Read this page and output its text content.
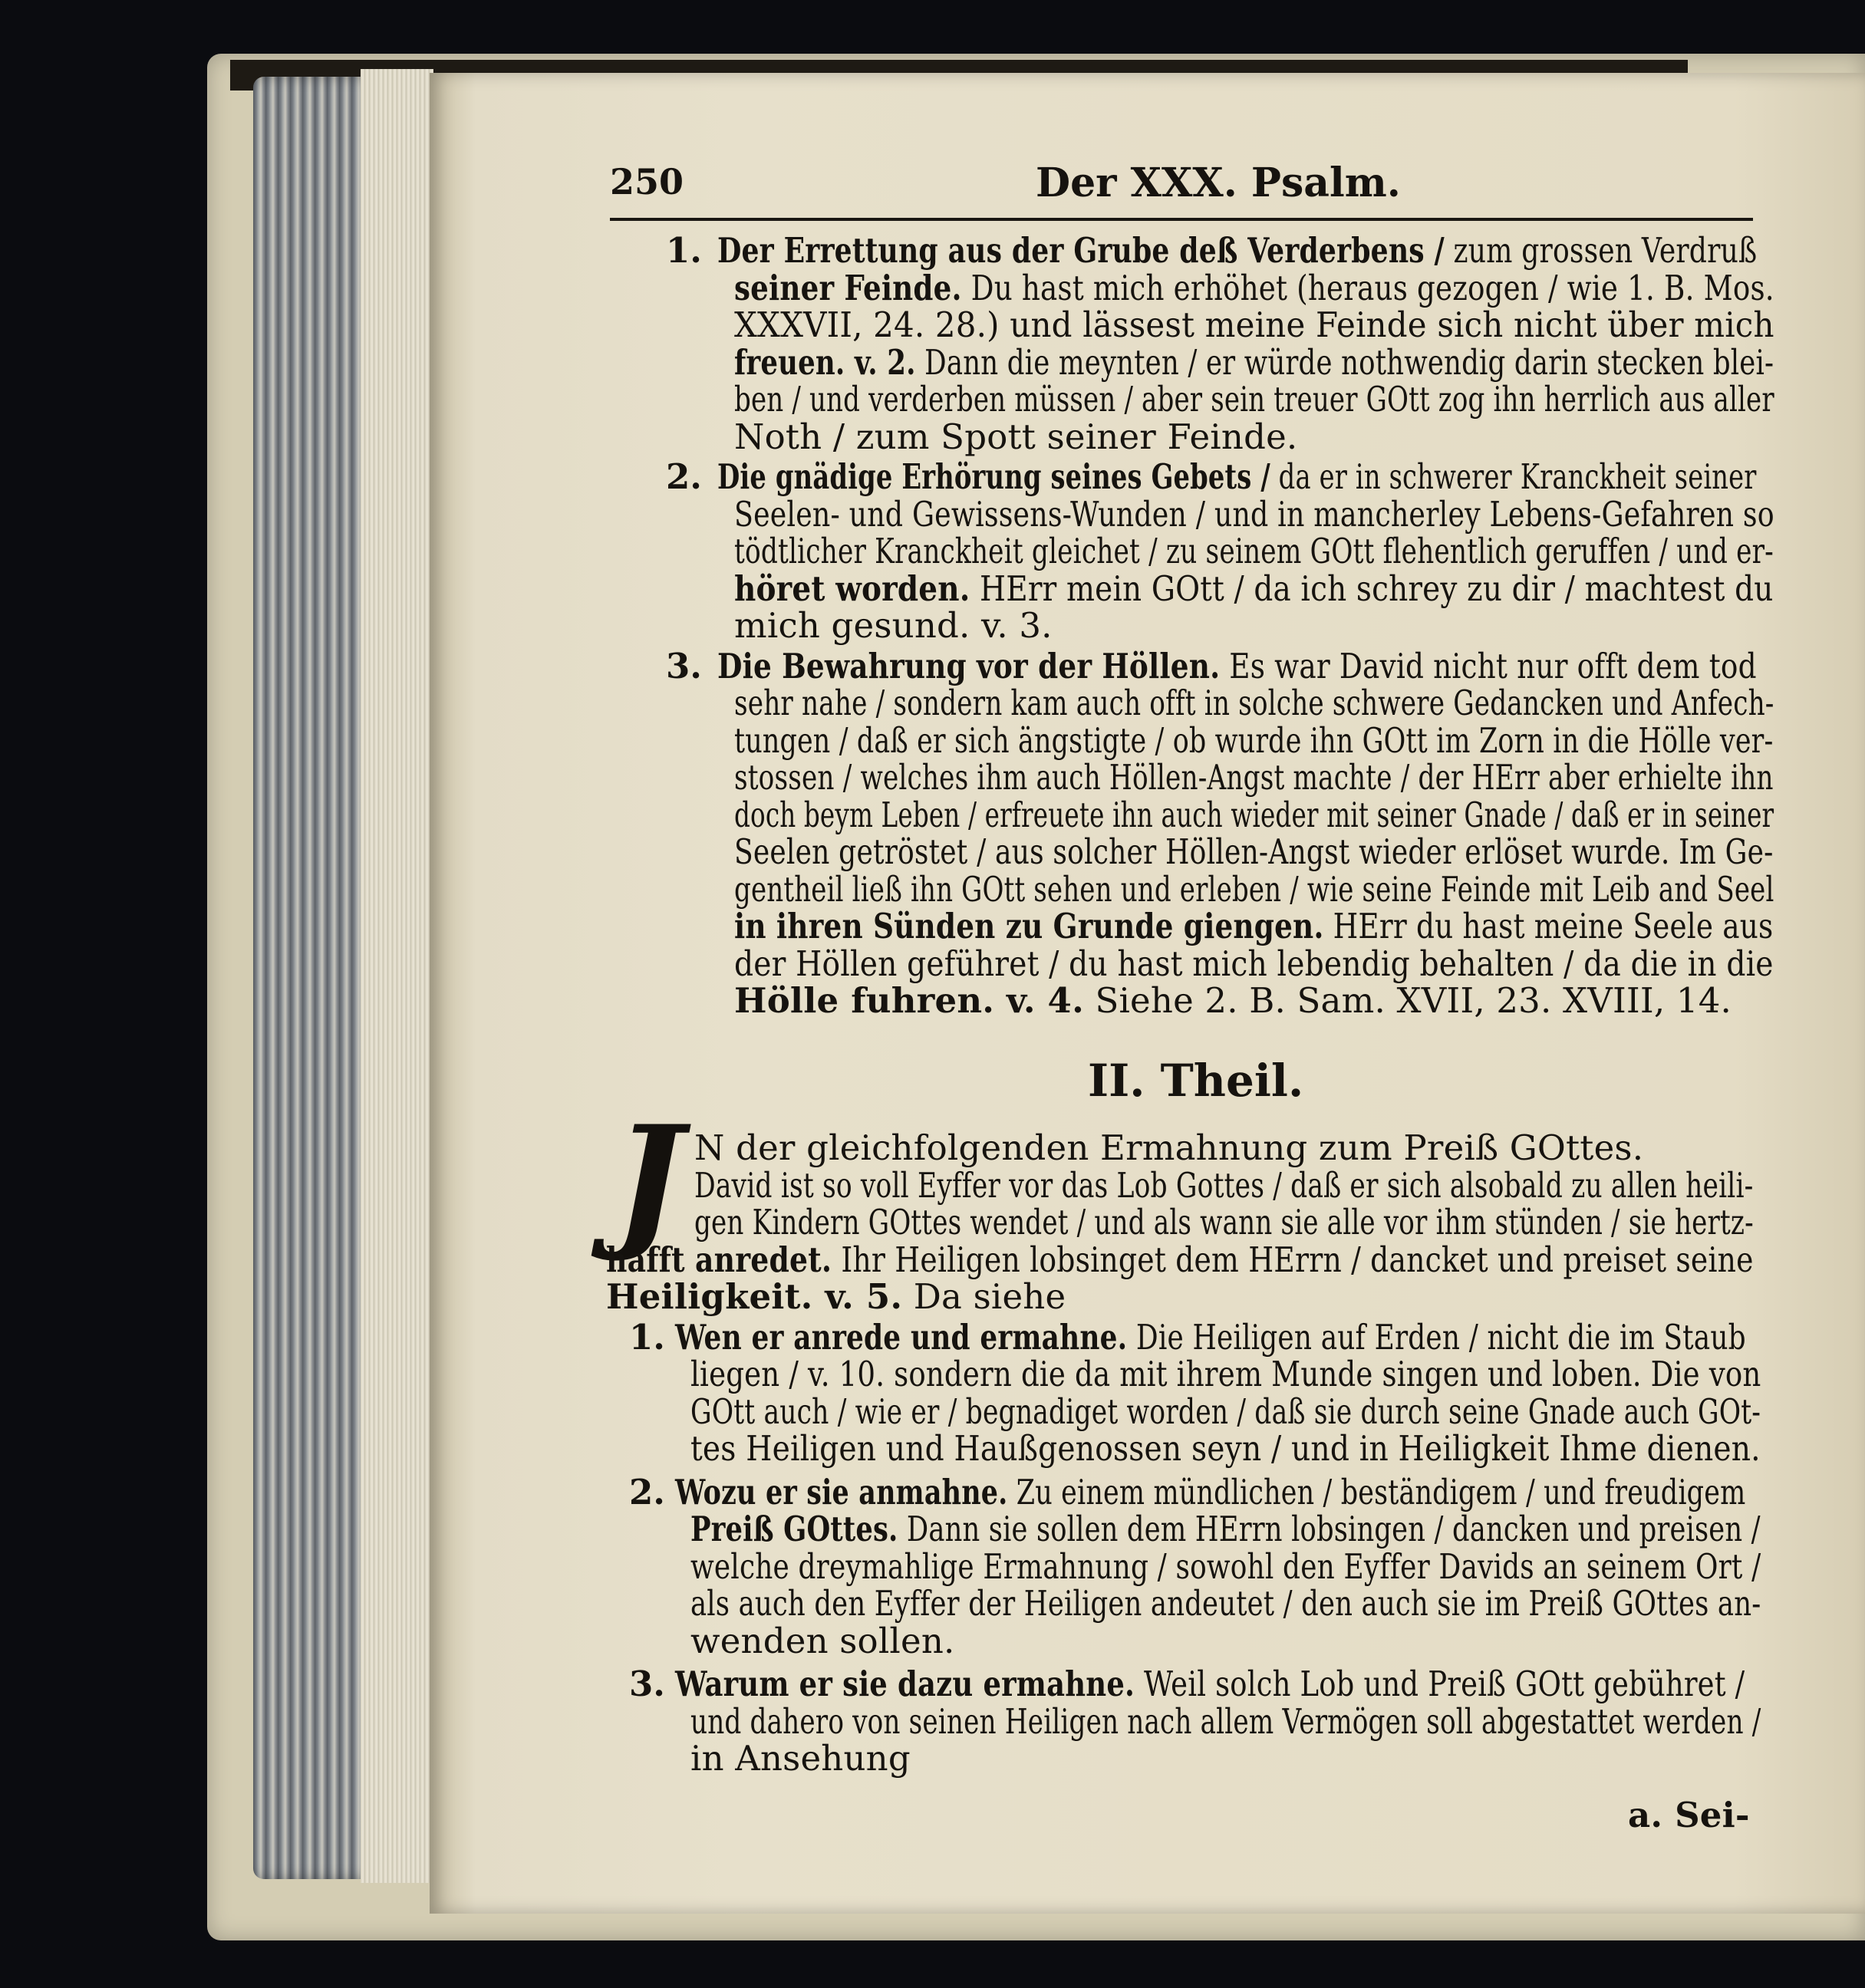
250	Der XXX. Psalm.
II. Theil.
J
a. Sei-
1. Der Errettung aus der Grube deß Verderbens / zum grossen Verdruß
seiner Feinde. Du hast mich erhöhet (heraus gezogen / wie 1. B. Mos.
XXXVII, 24. 28.) und lässest meine Feinde sich nicht über mich
freuen. v. 2. Dann die meynten / er würde nothwendig darin stecken blei-
ben / und verderben müssen / aber sein treuer GOtt zog ihn herrlich aus aller
Noth / zum Spott seiner Feinde.
2. Die gnädige Erhörung seines Gebets / da er in schwerer Kranckheit seiner
Seelen- und Gewissens-Wunden / und in mancherley Lebens-Gefahren so
tödtlicher Kranckheit gleichet / zu seinem GOtt flehentlich geruffen / und er-
höret worden. HErr mein GOtt / da ich schrey zu dir / machtest du
mich gesund. v. 3.
3. Die Bewahrung vor der Höllen. Es war David nicht nur offt dem tod
sehr nahe / sondern kam auch offt in solche schwere Gedancken und Anfech-
tungen / daß er sich ängstigte / ob wurde ihn GOtt im Zorn in die Hölle ver-
stossen / welches ihm auch Höllen-Angst machte / der HErr aber erhielte ihn
doch beym Leben / erfreuete ihn auch wieder mit seiner Gnade / daß er in seiner
Seelen getröstet / aus solcher Höllen-Angst wieder erlöset wurde. Im Ge-
gentheil ließ ihn GOtt sehen und erleben / wie seine Feinde mit Leib and Seel
in ihren Sünden zu Grunde giengen. HErr du hast meine Seele aus
der Höllen geführet / du hast mich lebendig behalten / da die in die
Hölle fuhren. v. 4. Siehe 2. B. Sam. XVII, 23. XVIII, 14.
N der gleichfolgenden Ermahnung zum Preiß GOttes.
David ist so voll Eyffer vor das Lob Gottes / daß er sich alsobald zu allen heili-
gen Kindern GOttes wendet / und als wann sie alle vor ihm stünden / sie hertz-
hafft anredet. Ihr Heiligen lobsinget dem HErrn / dancket und preiset seine
Heiligkeit. v. 5. Da siehe
1. Wen er anrede und ermahne. Die Heiligen auf Erden / nicht die im Staub
liegen / v. 10. sondern die da mit ihrem Munde singen und loben. Die von
GOtt auch / wie er / begnadiget worden / daß sie durch seine Gnade auch GOt-
tes Heiligen und Haußgenossen seyn / und in Heiligkeit Ihme dienen.
2. Wozu er sie anmahne. Zu einem mündlichen / beständigem / und freudigem
Preiß GOttes. Dann sie sollen dem HErrn lobsingen / dancken und preisen /
welche dreymahlige Ermahnung / sowohl den Eyffer Davids an seinem Ort /
als auch den Eyffer der Heiligen andeutet / den auch sie im Preiß GOttes an-
wenden sollen.
3. Warum er sie dazu ermahne. Weil solch Lob und Preiß GOtt gebühret /
und dahero von seinen Heiligen nach allem Vermögen soll abgestattet werden /
in Ansehung
